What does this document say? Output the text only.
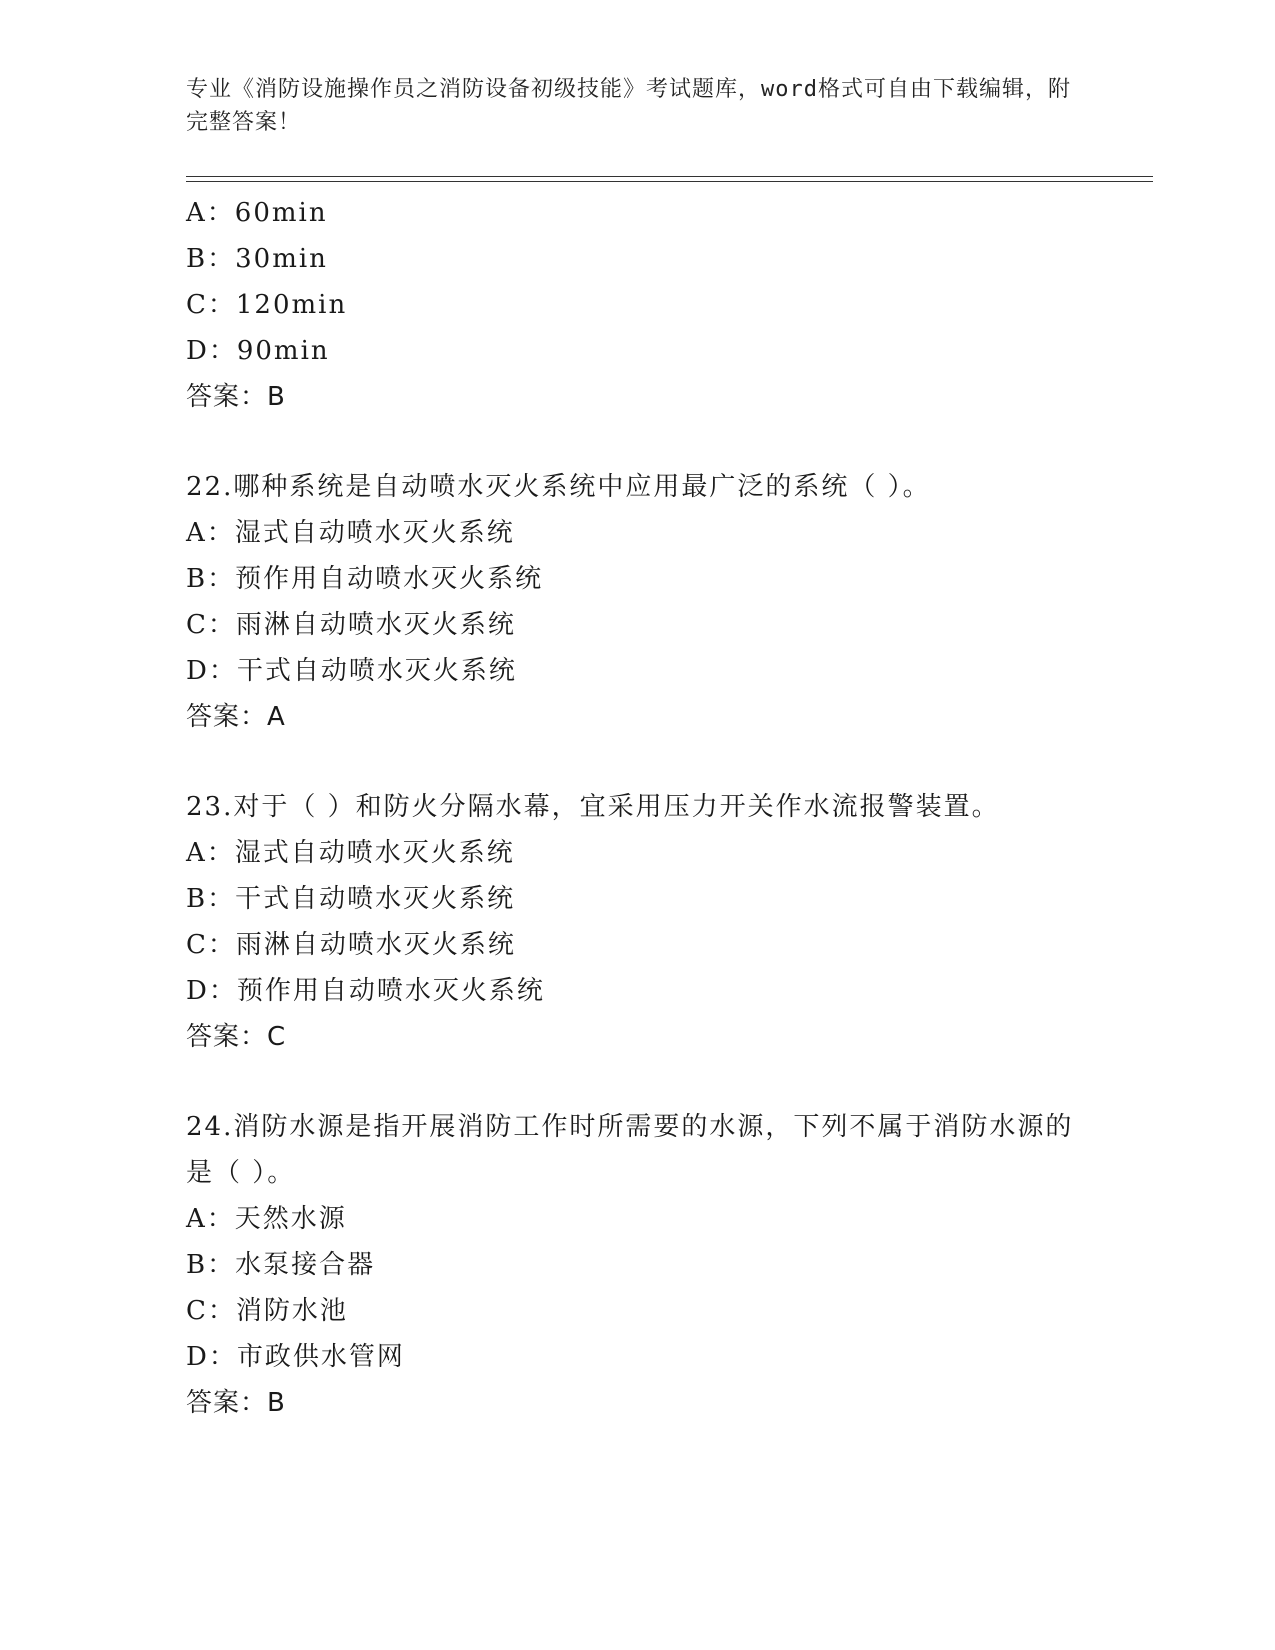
专业《消防设施操作员之消防设备初级技能》考试题库，word格式可自由下载编辑，附完整答案！
A：60min
B：30min
C：120min
D：90min
答案：B
22.哪种系统是自动喷水灭火系统中应用最广泛的系统（ ）。
A：湿式自动喷水灭火系统
B：预作用自动喷水灭火系统
C：雨淋自动喷水灭火系统
D：干式自动喷水灭火系统
答案：A
23.对于（ ）和防火分隔水幕，宜采用压力开关作水流报警装置。
A：湿式自动喷水灭火系统
B：干式自动喷水灭火系统
C：雨淋自动喷水灭火系统
D：预作用自动喷水灭火系统
答案：C
24.消防水源是指开展消防工作时所需要的水源，下列不属于消防水源的是（ ）。
A：天然水源
B：水泵接合器
C：消防水池
D：市政供水管网
答案：B
